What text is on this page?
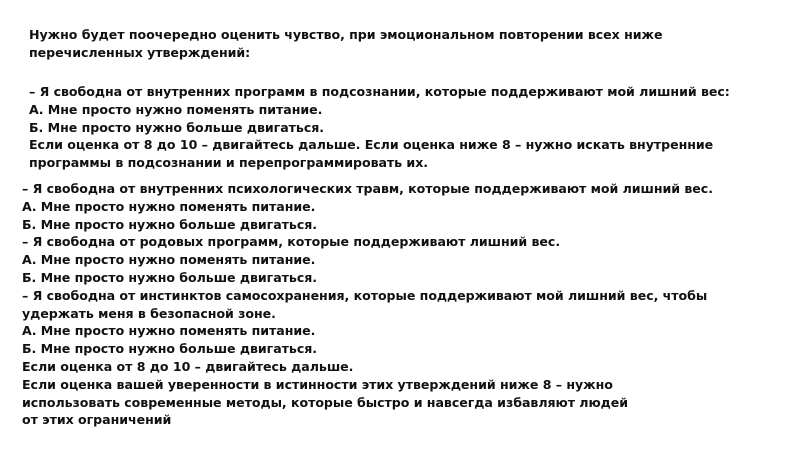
Нужно будет поочередно оценить чувство, при эмоциональном повторении всех ниже
перечисленных утверждений:
– Я свободна от внутренних программ в подсознании, которые поддерживают мой лишний вес:
А. Мне просто нужно поменять питание.
Б. Мне просто нужно больше двигаться.
Если оценка от 8 до 10 – двигайтесь дальше. Если оценка ниже 8 – нужно искать внутренние
программы в подсознании и перепрограммировать их.
– Я свободна от внутренних психологических травм, которые поддерживают мой лишний вес.
А. Мне просто нужно поменять питание.
Б. Мне просто нужно больше двигаться.
– Я свободна от родовых программ, которые поддерживают лишний вес.
А. Мне просто нужно поменять питание.
Б. Мне просто нужно больше двигаться.
– Я свободна от инстинктов самосохранения, которые поддерживают мой лишний вес, чтобы
удержать меня в безопасной зоне.
А. Мне просто нужно поменять питание.
Б. Мне просто нужно больше двигаться.
Если оценка от 8 до 10 – двигайтесь дальше.
Если оценка вашей уверенности в истинности этих утверждений ниже 8 – нужно
использовать современные методы, которые быстро и навсегда избавляют людей
от этих ограничений
